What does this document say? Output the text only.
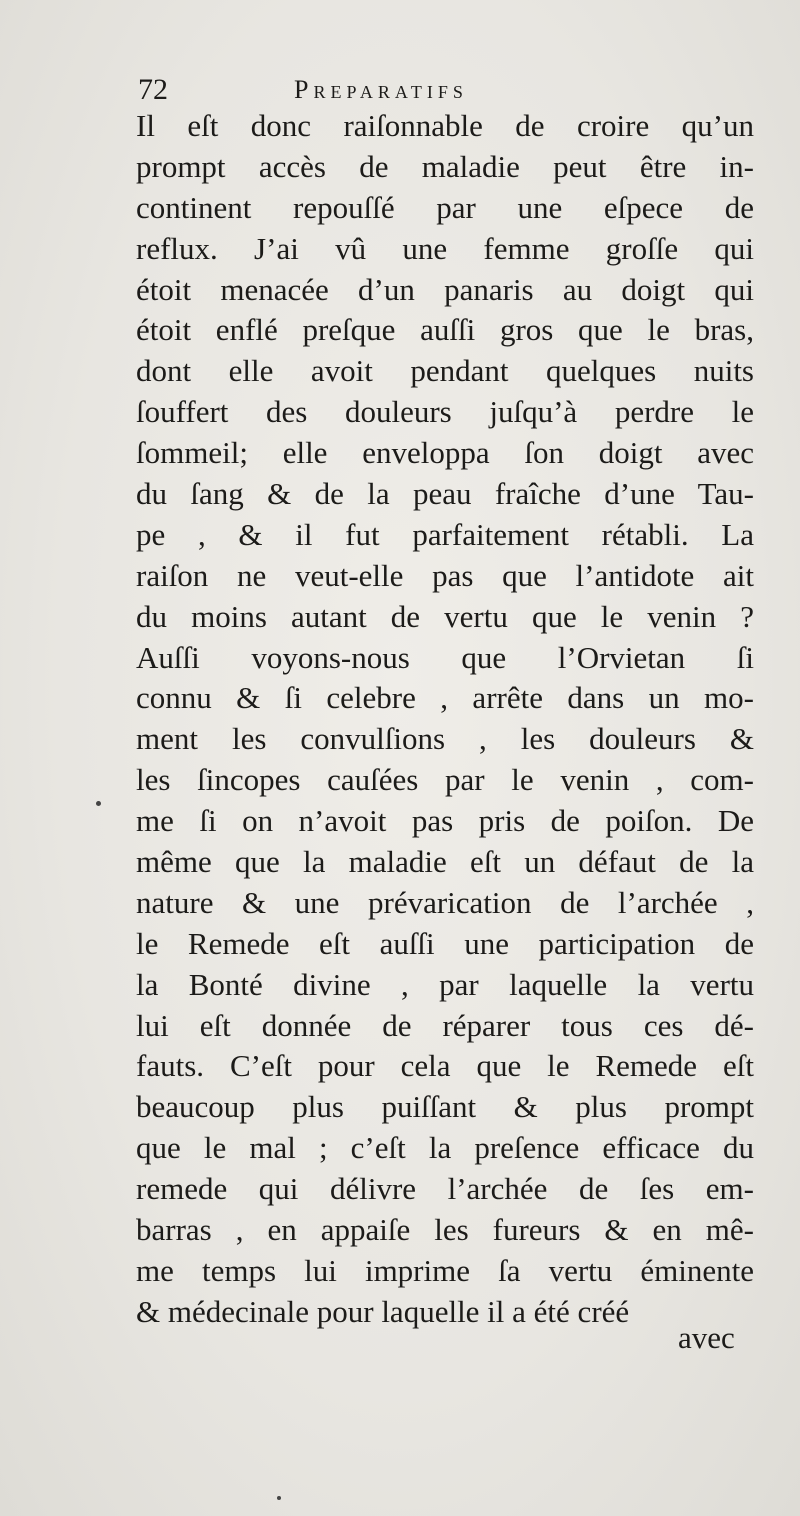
72	Preparatifs
Il eſt donc raiſonnable de croire qu’un
prompt accès de maladie peut être in-
continent repouſſé par une eſpece de
reflux. J’ai vû une femme groſſe qui
étoit menacée d’un panaris au doigt qui
étoit enflé preſque auſſi gros que le bras,
dont elle avoit pendant quelques nuits
ſouffert des douleurs juſqu’à perdre le
ſommeil; elle enveloppa ſon doigt avec
du ſang & de la peau fraîche d’une Tau-
pe , & il fut parfaitement rétabli. La
raiſon ne veut-elle pas que l’antidote ait
du moins autant de vertu que le venin ?
Auſſi voyons-nous que l’Orvietan ſi
connu & ſi celebre , arrête dans un mo-
ment les convulſions , les douleurs &
les ſincopes cauſées par le venin , com-
me ſi on n’avoit pas pris de poiſon. De
même que la maladie eſt un défaut de la
nature & une prévarication de l’archée ,
le Remede eſt auſſi une participation de
la Bonté divine , par laquelle la vertu
lui eſt donnée de réparer tous ces dé-
fauts. C’eſt pour cela que le Remede eſt
beaucoup plus puiſſant & plus prompt
que le mal ; c’eſt la preſence efficace du
remede qui délivre l’archée de ſes em-
barras , en appaiſe les fureurs & en mê-
me temps lui imprime ſa vertu éminente
& médecinale pour laquelle il a été créé
avec
